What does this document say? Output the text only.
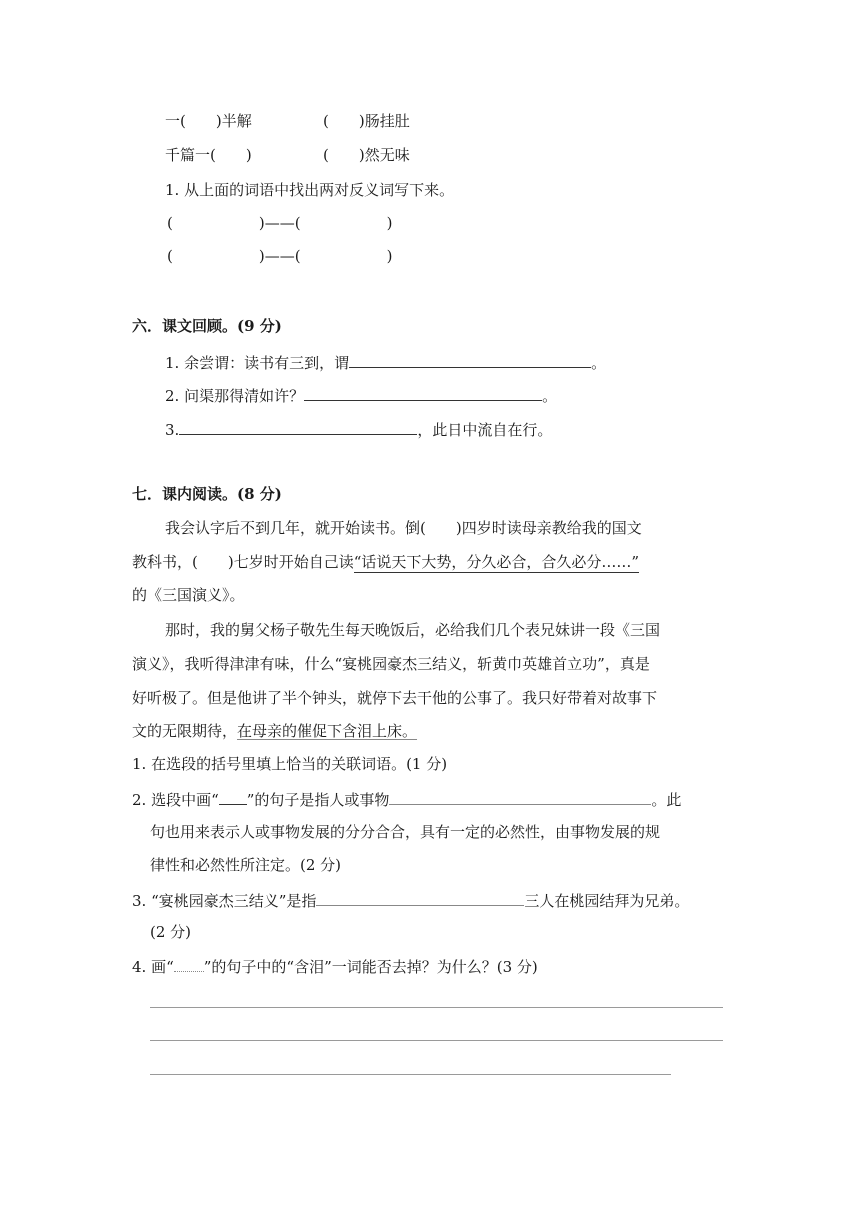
一(　　)半解	(　　)肠挂肚
千篇一(　　)	(　　)然无味
1. 从上面的词语中找出两对反义词写下来。
(	)——(	)
(	)——(	)
六．课文回顾。(9 分)
1. 余尝谓：读书有三到，谓	。
2. 问渠那得清如许？	。
3.	，此日中流自在行。
七．课内阅读。(8 分)
我会认字后不到几年，就开始读书。倒(　　)四岁时读母亲教给我的国文
教科书，(　　)七岁时开始自己读“话说天下大势，分久必合，合久必分……”
的《三国演义》。
那时，我的舅父杨子敬先生每天晚饭后，必给我们几个表兄妹讲一段《三国
演义》，我听得津津有味，什么“宴桃园豪杰三结义，斩黄巾英雄首立功”，真是
好听极了。但是他讲了半个钟头，就停下去干他的公事了。我只好带着对故事下
文的无限期待，在母亲的催促下含泪上床。
1. 在选段的括号里填上恰当的关联词语。(1 分)
2. 选段中画“ ”的句子是指人或事物	。此
句也用来表示人或事物发展的分分合合，具有一定的必然性，由事物发展的规
律性和必然性所注定。(2 分)
3. “宴桃园豪杰三结义”是指	三人在桃园结拜为兄弟。
(2 分)
4. 画“ ”的句子中的“含泪”一词能否去掉？为什么？(3 分)
